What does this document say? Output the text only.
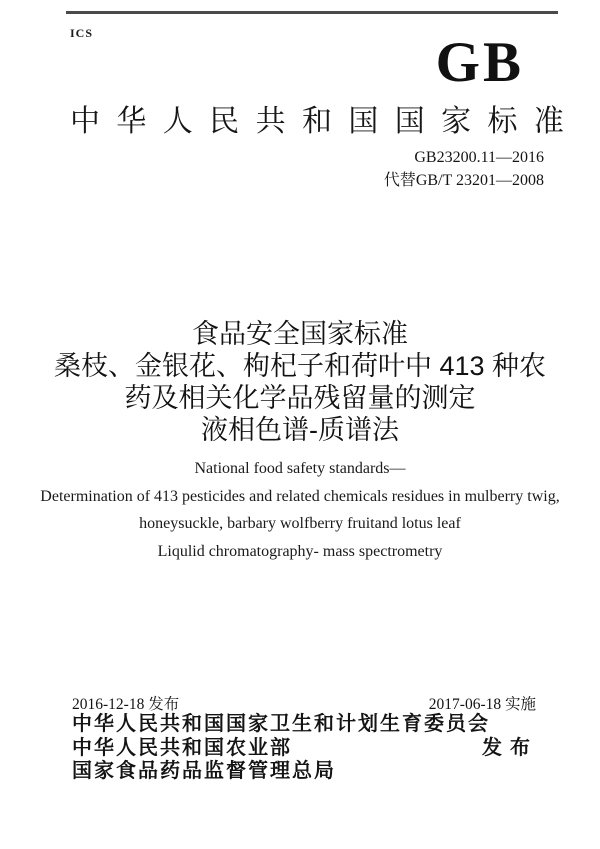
ICS	GB
中 华 人 民 共 和 国 国 家 标 准
GB23200.11—2016
代替GB/T 23201—2008
食品安全国家标准
桑枝、金银花、枸杞子和荷叶中 413 种农
药及相关化学品残留量的测定
液相色谱-质谱法
National food safety standards—
Determination of 413 pesticides and related chemicals residues in mulberry twig,
honeysuckle, barbary wolfberry fruitand lotus leaf
Liqulid chromatography- mass spectrometry
2016-12-18 发布	2017-06-18 实施
中华人民共和国国家卫生和计划生育委员会
中华人民共和国农业部	发布
国家食品药品监督管理总局
